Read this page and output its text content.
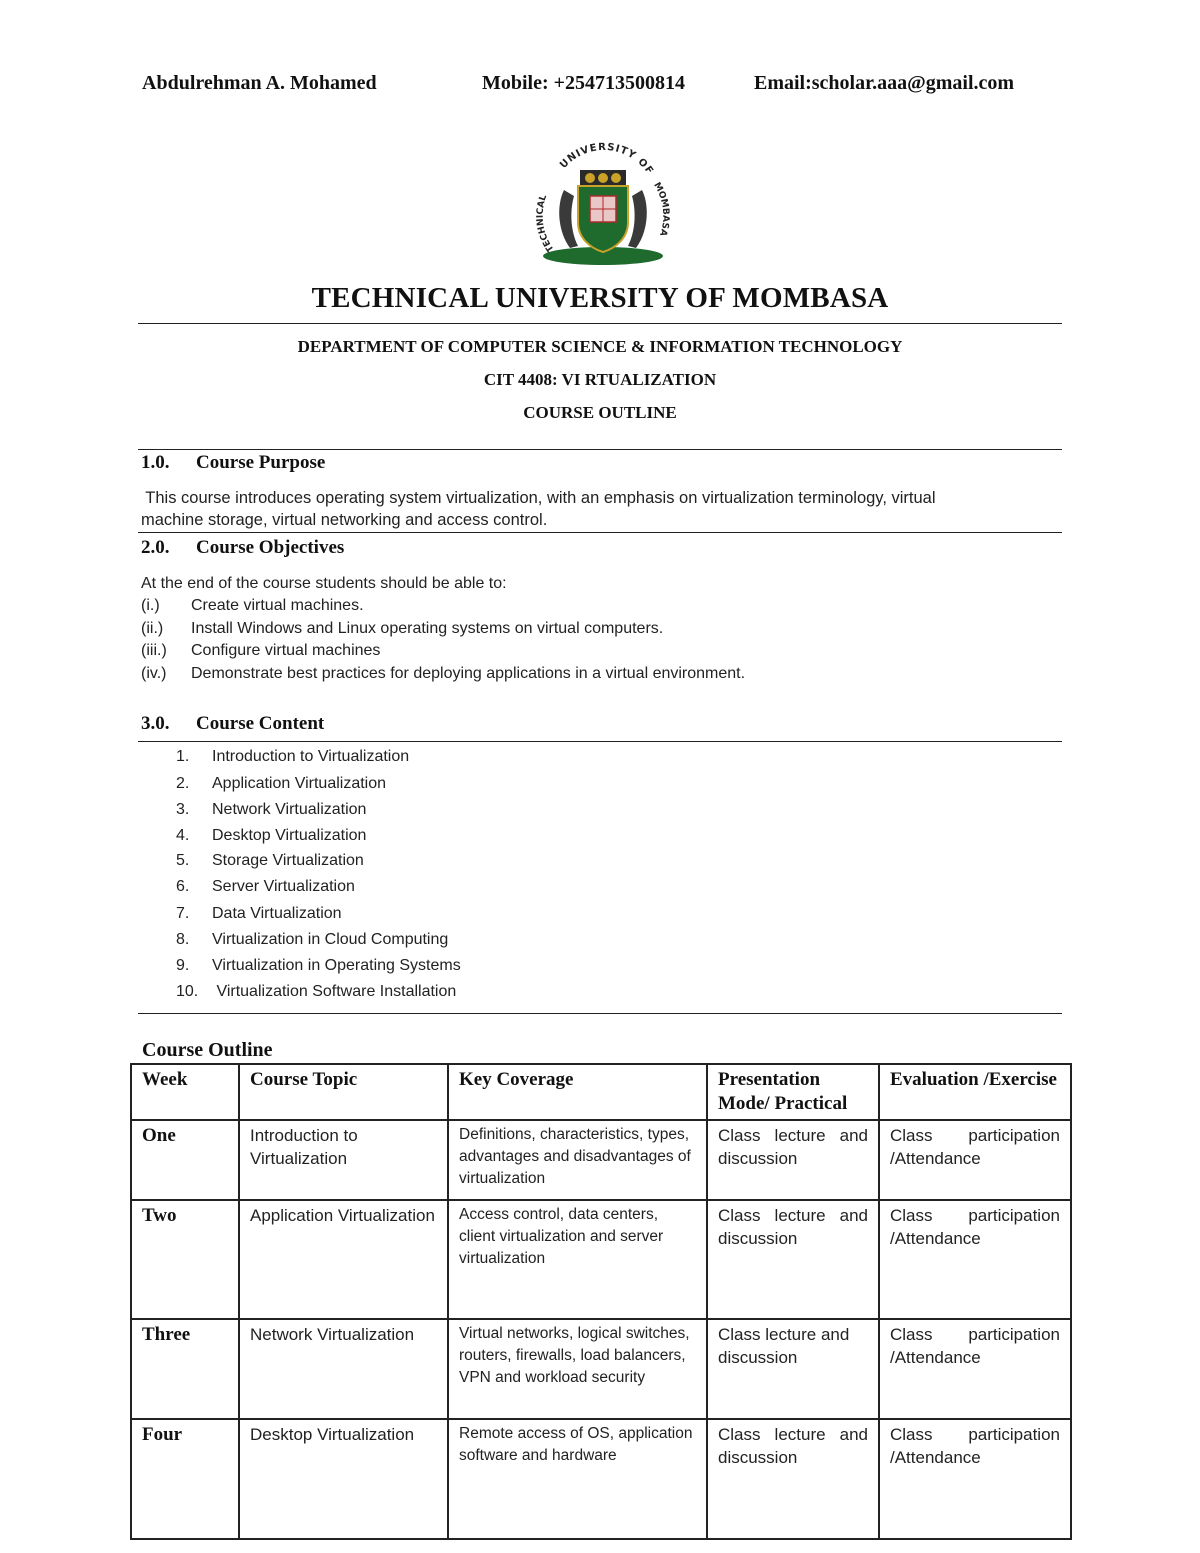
Abdulrehman A. Mohamed	Mobile: +254713500814	Email:scholar.aaa@gmail.com
UNIVERSITY OF
TECHNICAL
MOMBASA
TECHNICAL UNIVERSITY OF MOMBASA
DEPARTMENT OF COMPUTER SCIENCE & INFORMATION TECHNOLOGY
CIT 4408: VI RTUALIZATION
COURSE OUTLINE
1.0. Course Purpose
This course introduces operating system virtualization, with an emphasis on virtualization terminology, virtual
machine storage, virtual networking and access control.
2.0. Course Objectives
At the end of the course students should be able to:
(i.) Create virtual machines.
(ii.) Install Windows and Linux operating systems on virtual computers.
(iii.) Configure virtual machines
(iv.) Demonstrate best practices for deploying applications in a virtual environment.
3.0. Course Content
1. Introduction to Virtualization
2. Application Virtualization
3. Network Virtualization
4. Desktop Virtualization
5. Storage Virtualization
6. Server Virtualization
7. Data Virtualization
8. Virtualization in Cloud Computing
9. Virtualization in Operating Systems
10. Virtualization Software Installation
Course Outline
Week	Course Topic	Key Coverage	Presentation Mode/ Practical	Evaluation /Exercise
One	Introduction to Virtualization	Definitions, characteristics, types, advantages and disadvantages of virtualization	Class lecture and discussion	Class participation /Attendance
Two	Application Virtualization	Access control, data centers, client virtualization and server virtualization	Class lecture and discussion	Class participation /Attendance
Three	Network Virtualization	Virtual networks, logical switches, routers, firewalls, load balancers, VPN and workload security	Class lecture and discussion	Class participation /Attendance
Four	Desktop Virtualization	Remote access of OS, application software and hardware	Class lecture and discussion	Class participation /Attendance
